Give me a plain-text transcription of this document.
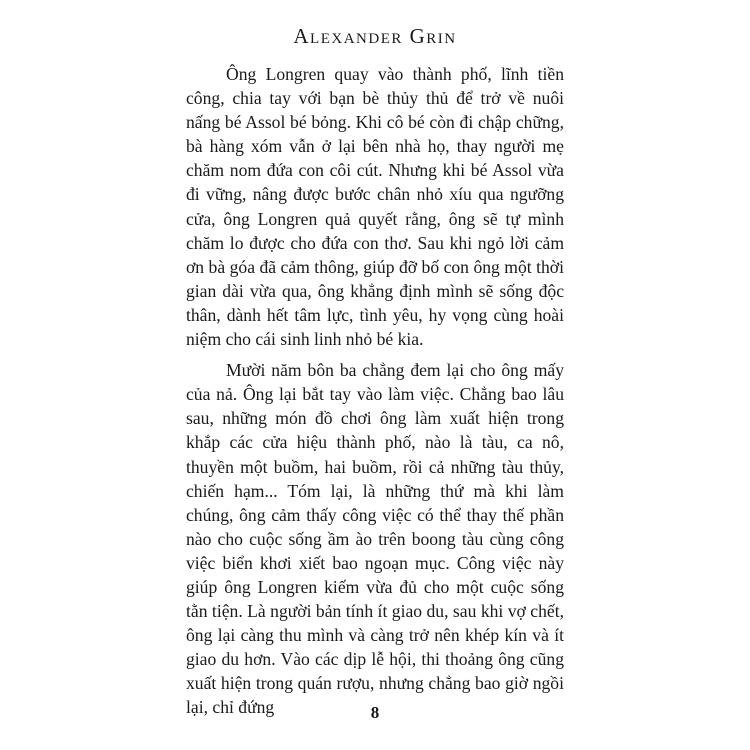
Alexander Grin

Ông Longren quay vào thành phố, lĩnh tiền công, chia tay với bạn bè thủy thủ để trở về nuôi nấng bé Assol bé bỏng. Khi cô bé còn đi chập chững, bà hàng xóm vẫn ở lại bên nhà họ, thay người mẹ chăm nom đứa con côi cút. Nhưng khi bé Assol vừa đi vững, nâng được bước chân nhỏ xíu qua ngưỡng cửa, ông Longren quả quyết rằng, ông sẽ tự mình chăm lo được cho đứa con thơ. Sau khi ngỏ lời cảm ơn bà góa đã cảm thông, giúp đỡ bố con ông một thời gian dài vừa qua, ông khẳng định mình sẽ sống độc thân, dành hết tâm lực, tình yêu, hy vọng cùng hoài niệm cho cái sinh linh nhỏ bé kia.

Mười năm bôn ba chẳng đem lại cho ông mấy của nả. Ông lại bắt tay vào làm việc. Chẳng bao lâu sau, những món đồ chơi ông làm xuất hiện trong khắp các cửa hiệu thành phố, nào là tàu, ca nô, thuyền một buồm, hai buồm, rồi cả những tàu thủy, chiến hạm... Tóm lại, là những thứ mà khi làm chúng, ông cảm thấy công việc có thể thay thế phần nào cho cuộc sống ầm ào trên boong tàu cùng công việc biển khơi xiết bao ngoạn mục. Công việc này giúp ông Longren kiếm vừa đủ cho một cuộc sống tằn tiện. Là người bản tính ít giao du, sau khi vợ chết, ông lại càng thu mình và càng trở nên khép kín và ít giao du hơn. Vào các dịp lễ hội, thi thoảng ông cũng xuất hiện trong quán rượu, nhưng chẳng bao giờ ngồi lại, chỉ đứng	8
